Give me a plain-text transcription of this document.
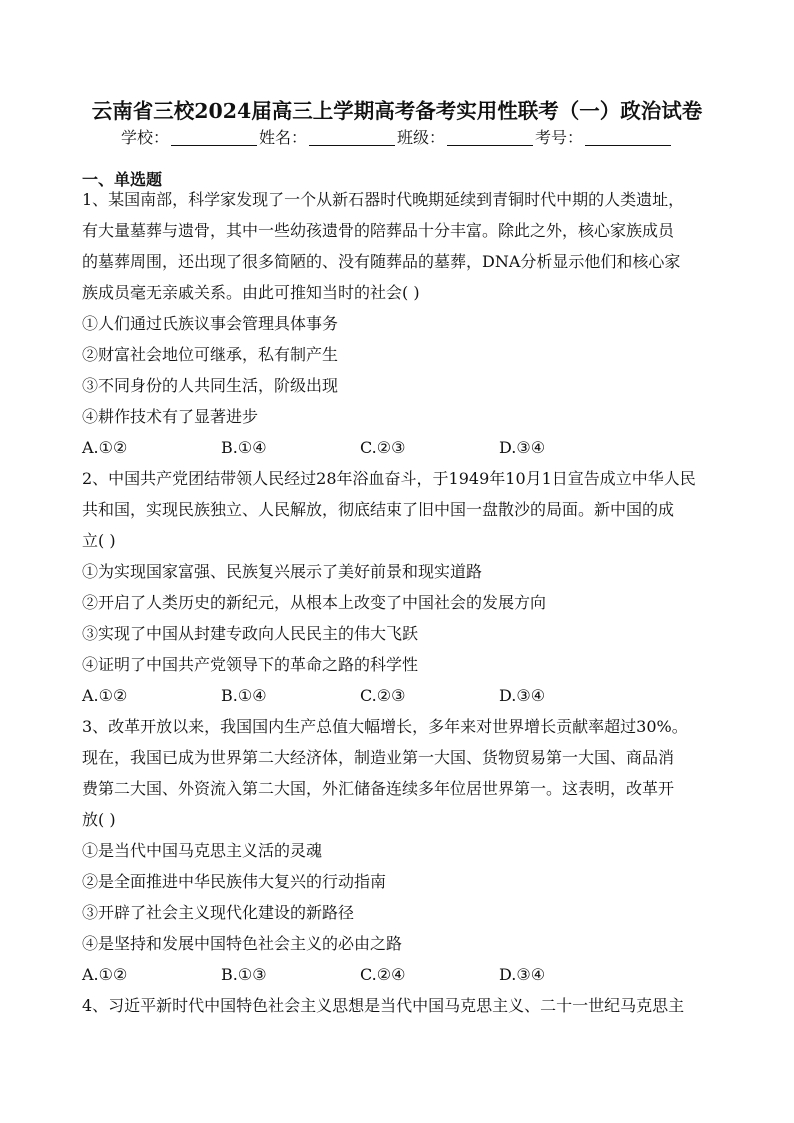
云南省三校2024届高三上学期高考备考实用性联考（一）政治试卷
学校：	姓名：	班级：	考号：
一、单选题

1、某国南部，科学家发现了一个从新石器时代晚期延续到青铜时代中期的人类遗址，

有大量墓葬与遗骨，其中一些幼孩遗骨的陪葬品十分丰富。除此之外，核心家族成员

的墓葬周围，还出现了很多简陋的、没有随葬品的墓葬，DNA分析显示他们和核心家

族成员毫无亲戚关系。由此可推知当时的社会( )

①人们通过氏族议事会管理具体事务
②财富社会地位可继承，私有制产生
③不同身份的人共同生活，阶级出现
④耕作技术有了显著进步
A.①②	B.①④	C.②③	D.③④

2、中国共产党团结带领人民经过28年浴血奋斗，于1949年10月1日宣告成立中华人民

共和国，实现民族独立、人民解放，彻底结束了旧中国一盘散沙的局面。新中国的成

立( )

①为实现国家富强、民族复兴展示了美好前景和现实道路
②开启了人类历史的新纪元，从根本上改变了中国社会的发展方向
③实现了中国从封建专政向人民民主的伟大飞跃
④证明了中国共产党领导下的革命之路的科学性
A.①②	B.①④	C.②③	D.③④

3、改革开放以来，我国国内生产总值大幅增长，多年来对世界增长贡献率超过30%。

现在，我国已成为世界第二大经济体，制造业第一大国、货物贸易第一大国、商品消

费第二大国、外资流入第二大国，外汇储备连续多年位居世界第一。这表明，改革开

放( )

①是当代中国马克思主义活的灵魂
②是全面推进中华民族伟大复兴的行动指南
③开辟了社会主义现代化建设的新路径
④是坚持和发展中国特色社会主义的必由之路
A.①②	B.①③	C.②④	D.③④

4、习近平新时代中国特色社会主义思想是当代中国马克思主义、二十一世纪马克思主
